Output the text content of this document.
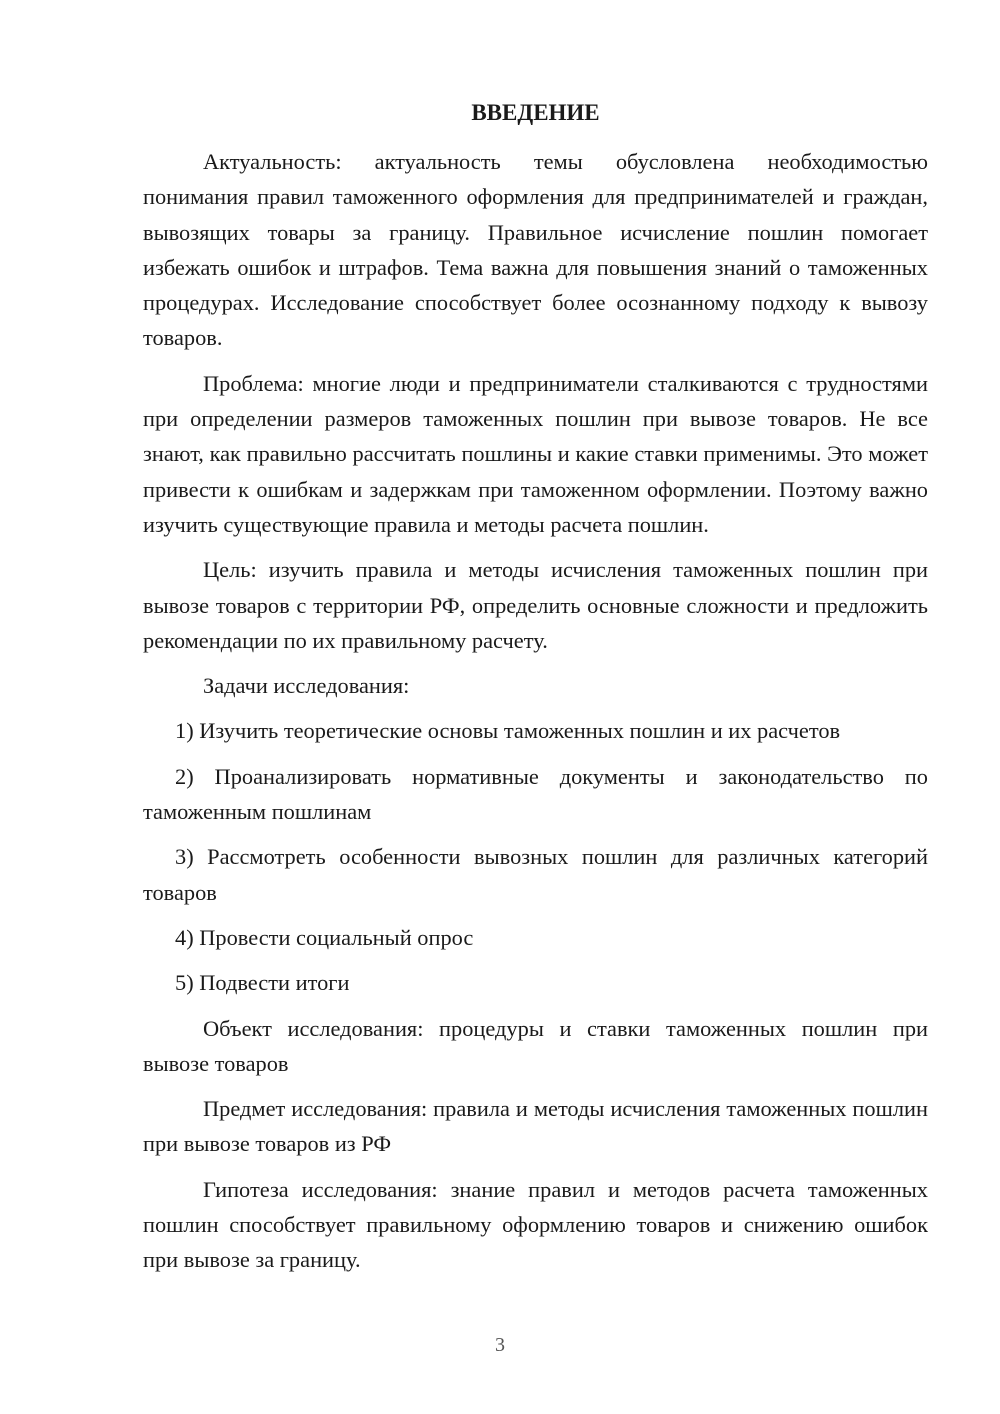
ВВЕДЕНИЕ

Актуальность: актуальность темы обусловлена необходимостью понимания правил таможенного оформления для предпринимателей и граждан, вывозящих товары за границу. Правильное исчисление пошлин помогает избежать ошибок и штрафов. Тема важна для повышения знаний о таможенных процедурах. Исследование способствует более осознанному подходу к вывозу товаров.

Проблема: многие люди и предприниматели сталкиваются с трудностями при определении размеров таможенных пошлин при вывозе товаров. Не все знают, как правильно рассчитать пошлины и какие ставки применимы. Это может привести к ошибкам и задержкам при таможенном оформлении. Поэтому важно изучить существующие правила и методы расчета пошлин.

Цель: изучить правила и методы исчисления таможенных пошлин при вывозе товаров с территории РФ, определить основные сложности и предложить рекомендации по их правильному расчету.

Задачи исследования:

1) Изучить теоретические основы таможенных пошлин и их расчетов

2) Проанализировать нормативные документы и законодательство по таможенным пошлинам

3) Рассмотреть особенности вывозных пошлин для различных категорий товаров

4) Провести социальный опрос

5) Подвести итоги

Объект исследования: процедуры и ставки таможенных пошлин при вывозе товаров

Предмет исследования: правила и методы исчисления таможенных пошлин при вывозе товаров из РФ

Гипотеза исследования: знание правил и методов расчета таможенных пошлин способствует правильному оформлению товаров и снижению ошибок при вывозе за границу.

3
